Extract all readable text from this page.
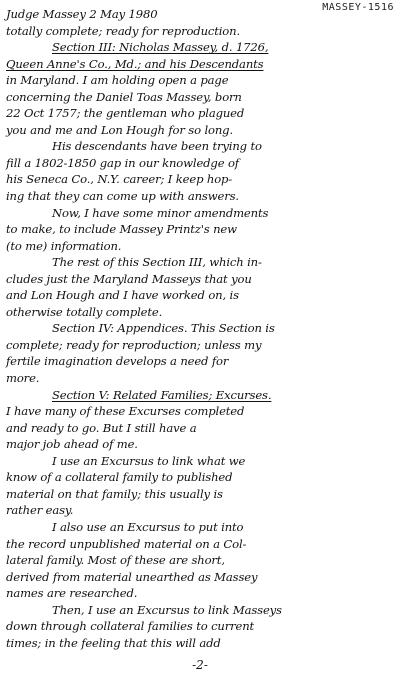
MASSEY-1516
Judge Massey 2 May 1980
totally complete; ready for reproduction.
Section III: Nicholas Massey, d. 1726,
Queen Anne's Co., Md.; and his Descendants
in Maryland. I am holding open a page
concerning the Daniel Toas Massey, born
22 Oct 1757; the gentleman who plagued
you and me and Lon Hough for so long.
His descendants have been trying to
fill a 1802-1850 gap in our knowledge of
his Seneca Co., N.Y. career; I keep hop-
ing that they can come up with answers.
Now, I have some minor amendments
to make, to include Massey Printz's new
(to me) information.
The rest of this Section III, which in-
cludes just the Maryland Masseys that you
and Lon Hough and I have worked on, is
otherwise totally complete.
Section IV: Appendices. This Section is
complete; ready for reproduction; unless my
fertile imagination develops a need for
more.
Section V: Related Families; Excurses.
I have many of these Excurses completed
and ready to go. But I still have a
major job ahead of me.
I use an Excursus to link what we
know of a collateral family to published
material on that family; this usually is
rather easy.
I also use an Excursus to put into
the record unpublished material on a Col-
lateral family. Most of these are short,
derived from material unearthed as Massey
names are researched.
Then, I use an Excursus to link Masseys
down through collateral families to current
times; in the feeling that this will add
-2-
